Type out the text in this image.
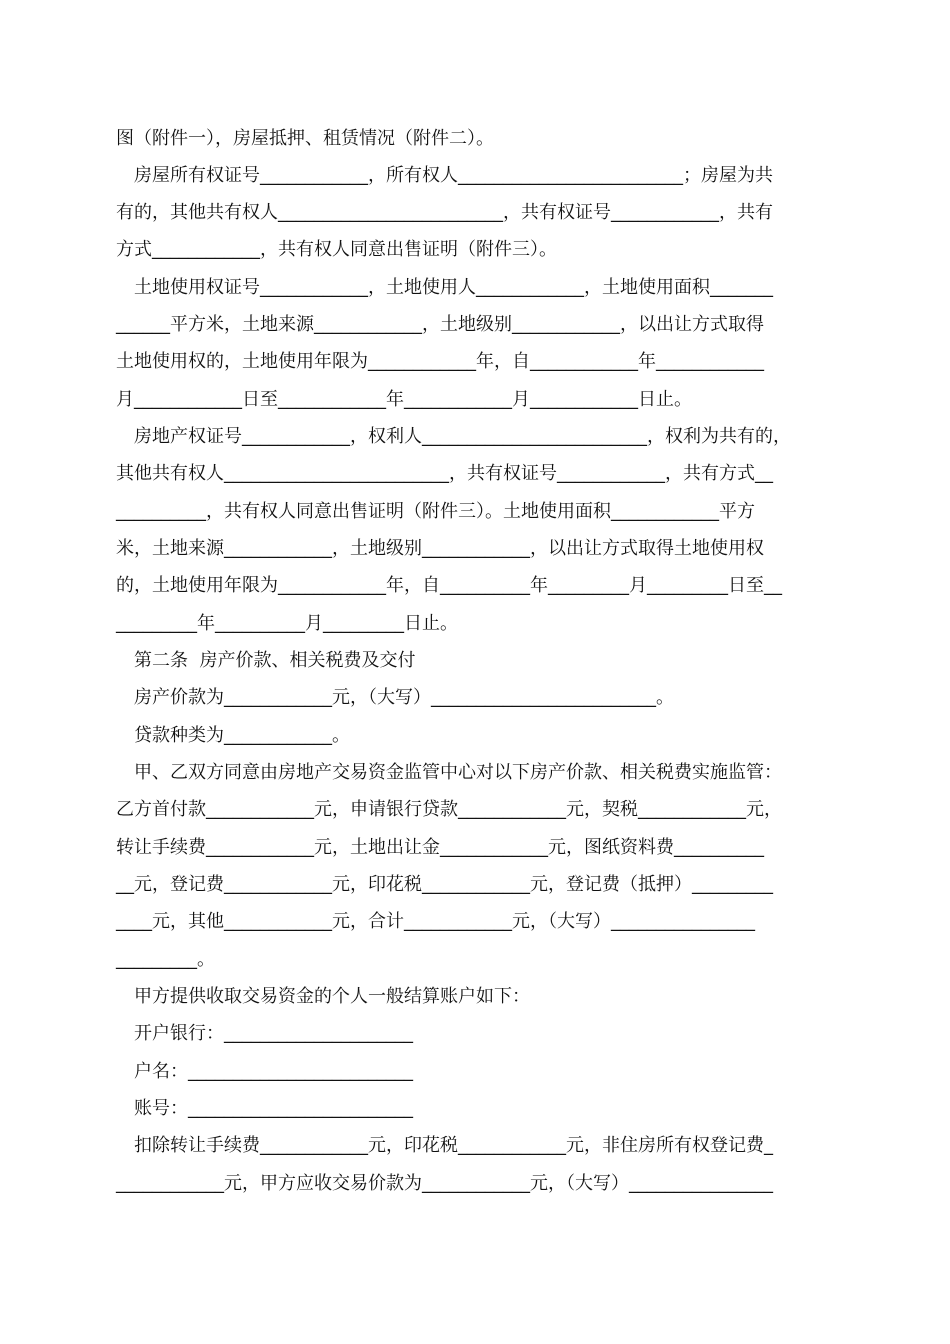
图（附件一），房屋抵押、租赁情况（附件二）。
房屋所有权证号____________，所有权人_________________________；房屋为共
有的，其他共有权人_________________________，共有权证号____________，共有
方式____________，共有权人同意出售证明（附件三）。
土地使用权证号____________，土地使用人____________，土地使用面积_______
______平方米，土地来源____________，土地级别____________，以出让方式取得
土地使用权的，土地使用年限为____________年，自____________年____________
月____________日至____________年____________月____________日止。
房地产权证号____________，权利人_________________________，权利为共有的，
其他共有权人_________________________，共有权证号____________，共有方式__
__________，共有权人同意出售证明（附件三）。土地使用面积____________平方
米，土地来源____________，土地级别____________，以出让方式取得土地使用权
的，土地使用年限为____________年，自__________年_________月_________日至__
_________年__________月_________日止。
第二条  房产价款、相关税费及交付
房产价款为____________元，（大写）_________________________。
贷款种类为____________。
甲、乙双方同意由房地产交易资金监管中心对以下房产价款、相关税费实施监管：
乙方首付款____________元，申请银行贷款____________元，契税____________元，
转让手续费____________元，土地出让金____________元，图纸资料费__________
__元，登记费____________元，印花税____________元，登记费（抵押）_________
____元，其他____________元，合计____________元，（大写）________________
_________。
甲方提供收取交易资金的个人一般结算账户如下：
开户银行：_____________________
户名：_________________________
账号：_________________________
扣除转让手续费____________元，印花税____________元，非住房所有权登记费_
____________元，甲方应收交易价款为____________元，（大写）________________
